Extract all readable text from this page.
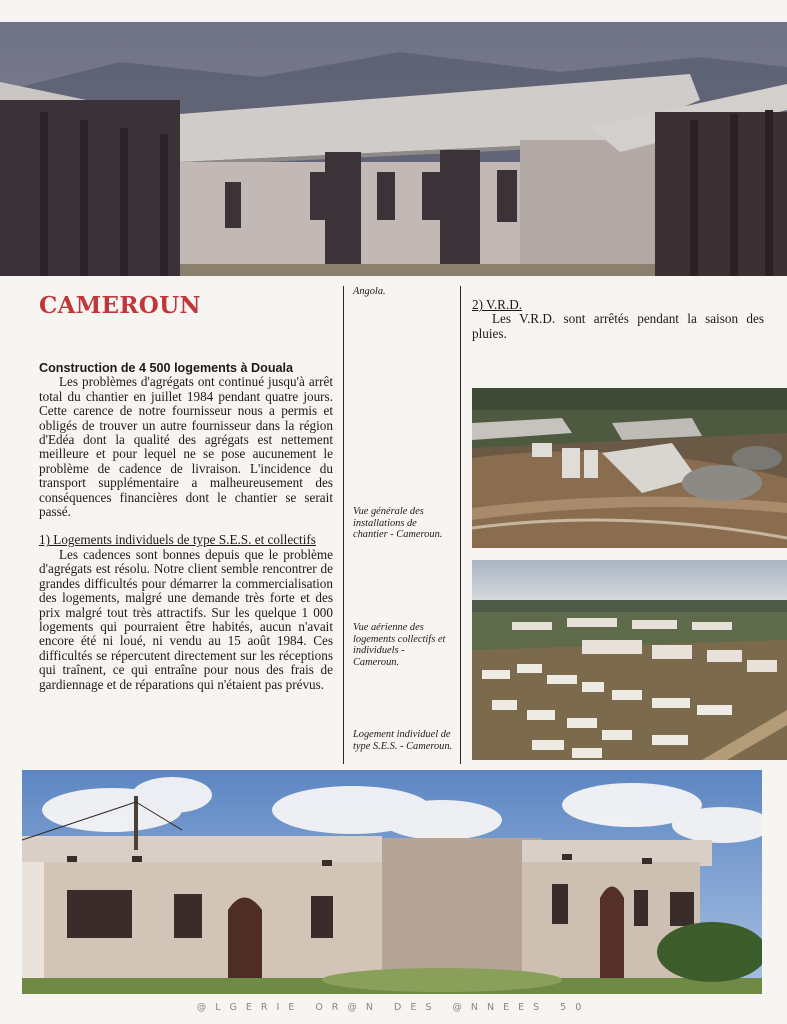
CAMEROUN
Construction de 4 500 logements à Douala
Les problèmes d'agrégats ont continué jusqu'à arrêt total du chantier en juillet 1984 pendant quatre jours. Cette carence de notre fournisseur nous a permis et obligés de trouver un autre fournisseur dans la région d'Edéa dont la qualité des agrégats est nettement meilleure et pour lequel ne se pose aucunement le problème de cadence de livraison. L'incidence du transport supplémentaire a malheureusement des conséquences financières dont le chantier se serait passé.
1) Logements individuels de type S.E.S. et collectifs
Les cadences sont bonnes depuis que le problème d'agrégats est résolu. Notre client semble rencontrer de grandes difficultés pour démarrer la commercialisation des logements, malgré une demande très forte et des prix malgré tout très attractifs. Sur les quelque 1 000 logements qui pourraient être habités, aucun n'avait encore été ni loué, ni vendu au 15 août 1984. Ces difficultés se répercutent directement sur les réceptions qui traînent, ce qui entraîne pour nous des frais de gardiennage et de réparations qui n'étaient pas prévus.
Angola.
Vue générale des installations de chantier - Cameroun.
Vue aérienne des logements collectifs et individuels - Cameroun.
Logement individuel de type S.E.S. - Cameroun.
2) V.R.D.
Les V.R.D. sont arrêtés pendant la saison des pluies.
@LGERIE OR@N DES @NNEES 50
